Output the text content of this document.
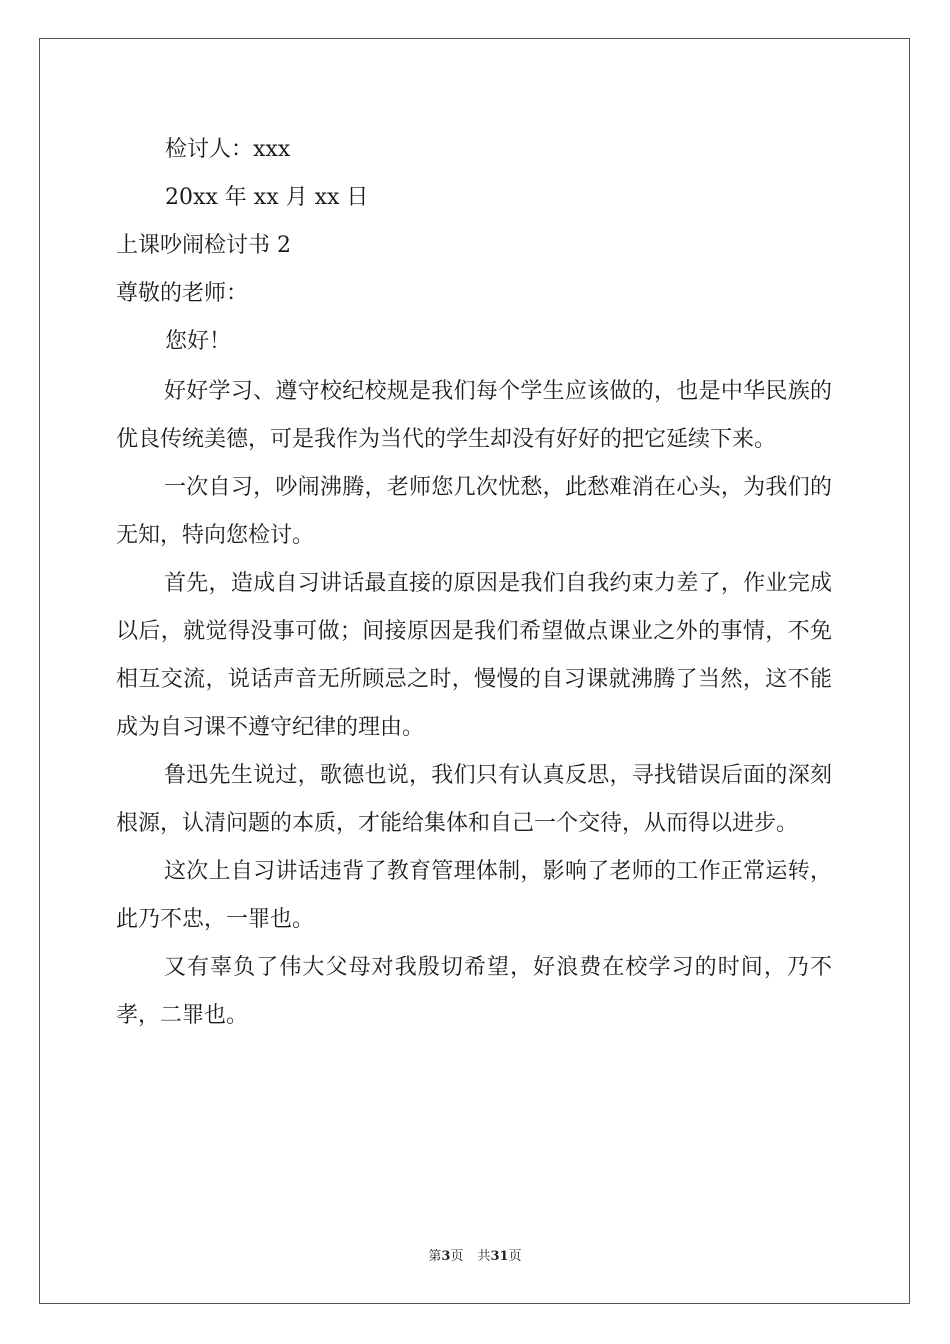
检讨人：xxx
20xx 年 xx 月 xx 日
上课吵闹检讨书 2
尊敬的老师：
您好！

好好学习、遵守校纪校规是我们每个学生应该做的，也是中华民族的优良传统美德，可是我作为当代的学生却没有好好的把它延续下来。

一次自习，吵闹沸腾，老师您几次忧愁，此愁难消在心头，为我们的无知，特向您检讨。

首先，造成自习讲话最直接的原因是我们自我约束力差了，作业完成以后，就觉得没事可做；间接原因是我们希望做点课业之外的事情，不免相互交流，说话声音无所顾忌之时，慢慢的自习课就沸腾了当然，这不能成为自习课不遵守纪律的理由。

鲁迅先生说过，歌德也说，我们只有认真反思，寻找错误后面的深刻根源，认清问题的本质，才能给集体和自己一个交待，从而得以进步。

这次上自习讲话违背了教育管理体制，影响了老师的工作正常运转，此乃不忠，一罪也。

又有辜负了伟大父母对我殷切希望，好浪费在校学习的时间，乃不孝，二罪也。

第3页 共31页
